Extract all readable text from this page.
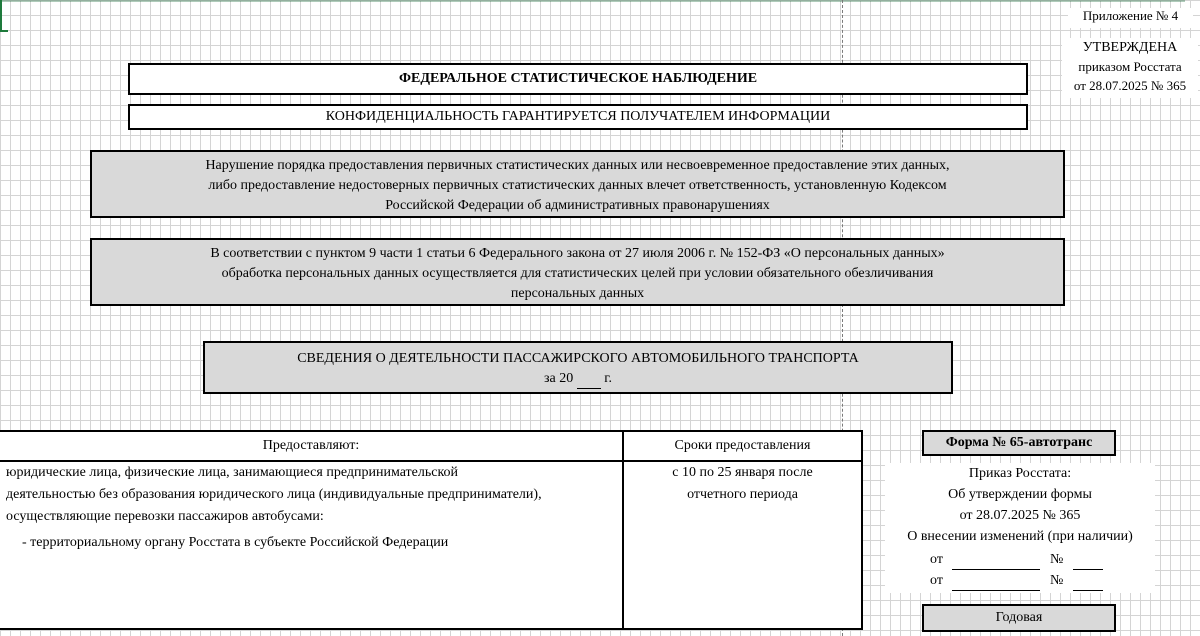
Приложение № 4
УТВЕРЖДЕНА
приказом Росстата
от 28.07.2025 № 365
ФЕДЕРАЛЬНОЕ СТАТИСТИЧЕСКОЕ НАБЛЮДЕНИЕ
КОНФИДЕНЦИАЛЬНОСТЬ ГАРАНТИРУЕТСЯ ПОЛУЧАТЕЛЕМ ИНФОРМАЦИИ
Нарушение порядка предоставления первичных статистических данных или несвоевременное предоставление этих данных,
либо предоставление недостоверных первичных статистических данных влечет ответственность, установленную Кодексом
Российской Федерации об административных правонарушениях
В соответствии с пунктом 9 части 1 статьи 6 Федерального закона от 27 июля 2006 г. № 152-ФЗ «О персональных данных»
обработка персональных данных осуществляется для статистических целей при условии обязательного обезличивания
персональных данных
СВЕДЕНИЯ О ДЕЯТЕЛЬНОСТИ ПАССАЖИРСКОГО АВТОМОБИЛЬНОГО ТРАНСПОРТА
за 20 г.
Предоставляют:	Сроки предоставления
юридические лица, физические лица, занимающиеся предпринимательской
деятельностью без образования юридического лица (индивидуальные предприниматели),
осуществляющие перевозки пассажиров автобусами:
- территориальному органу Росстата в субъекте Российской Федерации
с 10 по 25 января после
отчетного периода
Форма № 65-автотранс
Приказ Росстата:
Об утверждении формы
от 28.07.2025 № 365
О внесении изменений (при наличии)
от	№
от	№
Годовая
